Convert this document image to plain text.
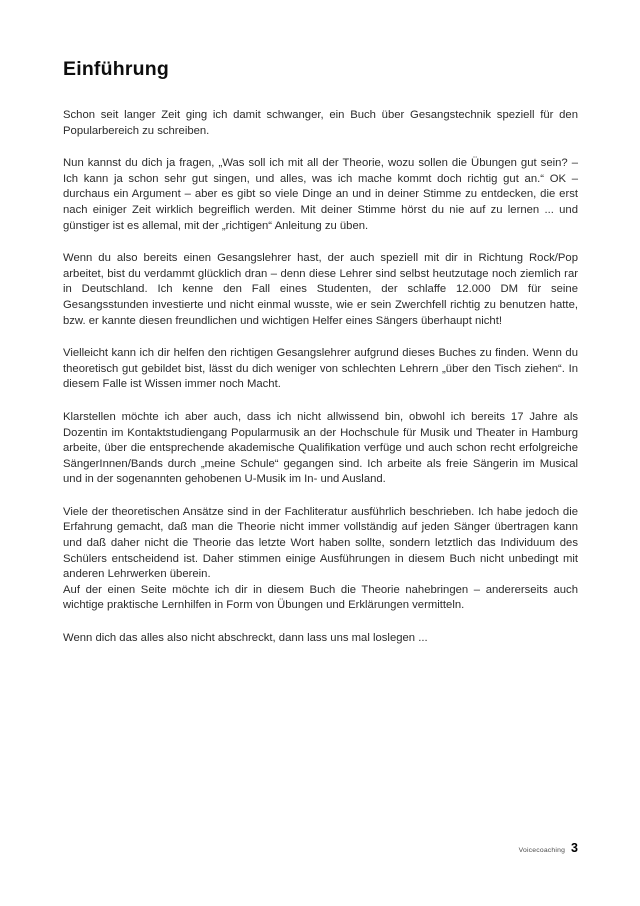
Einführung

Schon seit langer Zeit ging ich damit schwanger, ein Buch über Gesangstechnik speziell für den Popularbereich zu schreiben.

Nun kannst du dich ja fragen, „Was soll ich mit all der Theorie, wozu sollen die Übungen gut sein? – Ich kann ja schon sehr gut singen, und alles, was ich mache kommt doch richtig gut an.“ OK – durchaus ein Argument – aber es gibt so viele Dinge an und in deiner Stimme zu entdecken, die erst nach einiger Zeit wirklich begreiflich werden. Mit deiner Stimme hörst du nie auf zu lernen ... und günstiger ist es allemal, mit der „richtigen“ Anleitung zu üben.

Wenn du also bereits einen Gesangslehrer hast, der auch speziell mit dir in Richtung Rock/Pop arbeitet, bist du verdammt glücklich dran – denn diese Lehrer sind selbst heutzutage noch ziemlich rar in Deutschland. Ich kenne den Fall eines Studenten, der schlaffe 12.000 DM für seine Gesangsstunden investierte und nicht einmal wusste, wie er sein Zwerchfell richtig zu benutzen hatte, bzw. er kannte diesen freundlichen und wichtigen Helfer eines Sängers überhaupt nicht!

Vielleicht kann ich dir helfen den richtigen Gesangslehrer aufgrund dieses Buches zu finden. Wenn du theoretisch gut gebildet bist, lässt du dich weniger von schlechten Lehrern „über den Tisch ziehen“. In diesem Falle ist Wissen immer noch Macht.

Klarstellen möchte ich aber auch, dass ich nicht allwissend bin, obwohl ich bereits 17 Jahre als Dozentin im Kontaktstudiengang Popularmusik an der Hochschule für Musik und Theater in Hamburg arbeite, über die entsprechende akademische Qualifikation verfüge und auch schon recht erfolgreiche SängerInnen/Bands durch „meine Schule“ gegangen sind. Ich arbeite als freie Sängerin im Musical und in der sogenannten gehobenen U-Musik im In- und Ausland.

Viele der theoretischen Ansätze sind in der Fachliteratur ausführlich beschrieben. Ich habe jedoch die Erfahrung gemacht, daß man die Theorie nicht immer vollständig auf jeden Sänger übertragen kann und daß daher nicht die Theorie das letzte Wort haben sollte, sondern letztlich das Individuum des Schülers entscheidend ist. Daher stimmen einige Ausführungen in diesem Buch nicht unbedingt mit anderen Lehrwerken überein.

Auf der einen Seite möchte ich dir in diesem Buch die Theorie nahebringen – andererseits auch wichtige praktische Lernhilfen in Form von Übungen und Erklärungen vermitteln.

Wenn dich das alles also nicht abschreckt, dann lass uns mal loslegen ...

Voicecoaching 3
